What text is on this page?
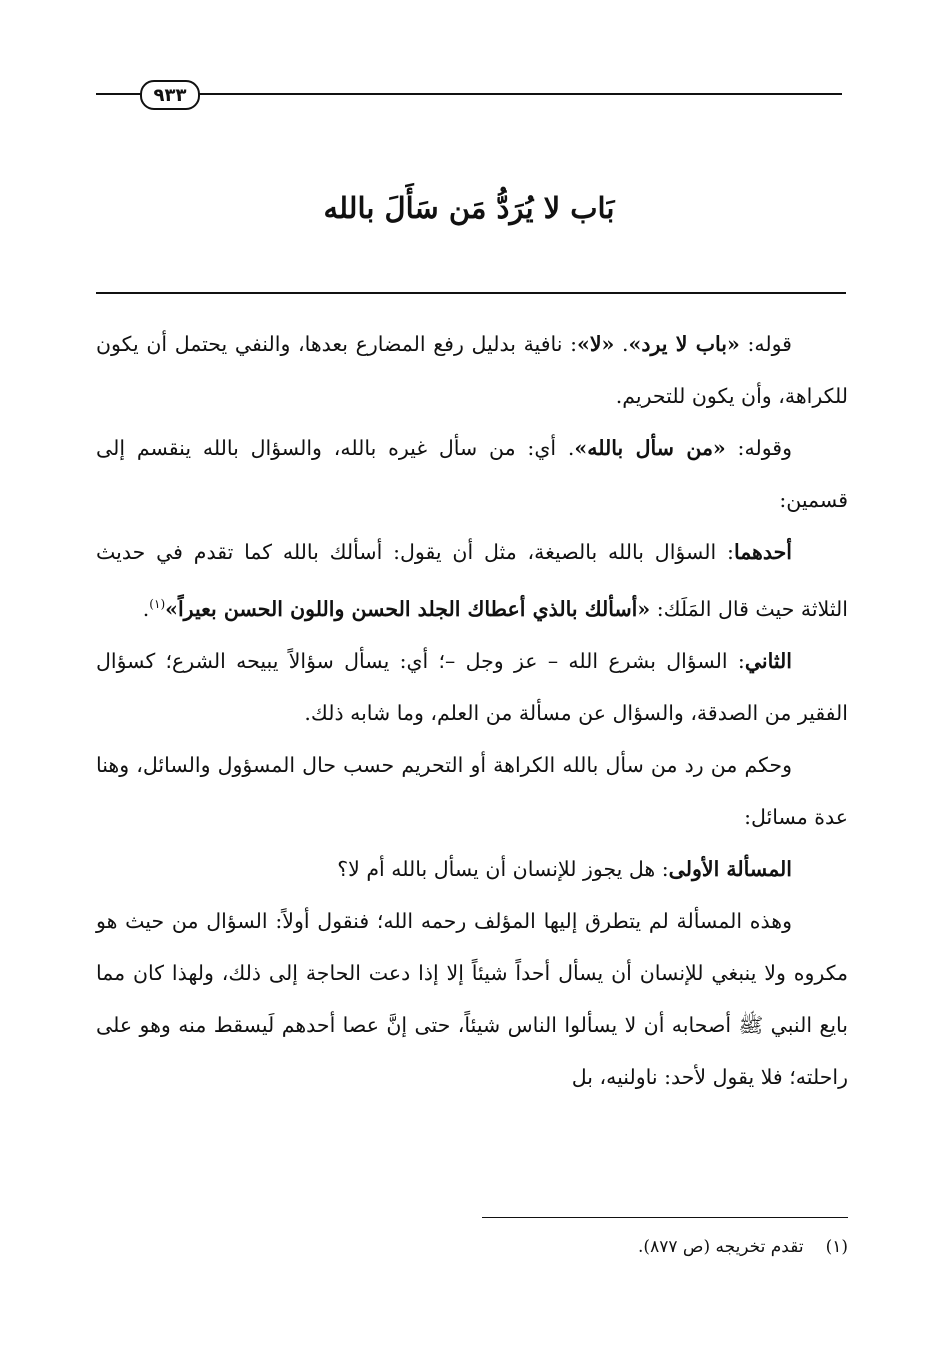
٩٣٣
بَاب لا يُرَدُّ مَن سَأَلَ بالله

قوله: «باب لا يرد». «لا»: نافية بدليل رفع المضارع بعدها، والنفي يحتمل أن يكون للكراهة، وأن يكون للتحريم.

وقوله: «من سأل بالله». أي: من سأل غيره بالله، والسؤال بالله ينقسم إلى قسمين:

أحدهما: السؤال بالله بالصيغة، مثل أن يقول: أسألك بالله كما تقدم في حديث الثلاثة حيث قال المَلَك: «أسألك بالذي أعطاك الجلد الحسن واللون الحسن بعيراً»$^{(١)}$.

الثاني: السؤال بشرع الله – عز وجل –؛ أي: يسأل سؤالاً يبيحه الشرع؛ كسؤال الفقير من الصدقة، والسؤال عن مسألة من العلم، وما شابه ذلك.

وحكم من رد من سأل بالله الكراهة أو التحريم حسب حال المسؤول والسائل، وهنا عدة مسائل:

المسألة الأولى: هل يجوز للإنسان أن يسأل بالله أم لا؟

وهذه المسألة لم يتطرق إليها المؤلف رحمه الله؛ فنقول أولاً: السؤال من حيث هو مكروه ولا ينبغي للإنسان أن يسأل أحداً شيئاً إلا إذا دعت الحاجة إلى ذلك، ولهذا كان مما بايع النبي ﷺ أصحابه أن لا يسألوا الناس شيئاً، حتى إنَّ عصا أحدهم لَيسقط منه وهو على راحلته؛ فلا يقول لأحد: ناولنيه، بل

(١)تقدم تخريجه (ص ٨٧٧).
